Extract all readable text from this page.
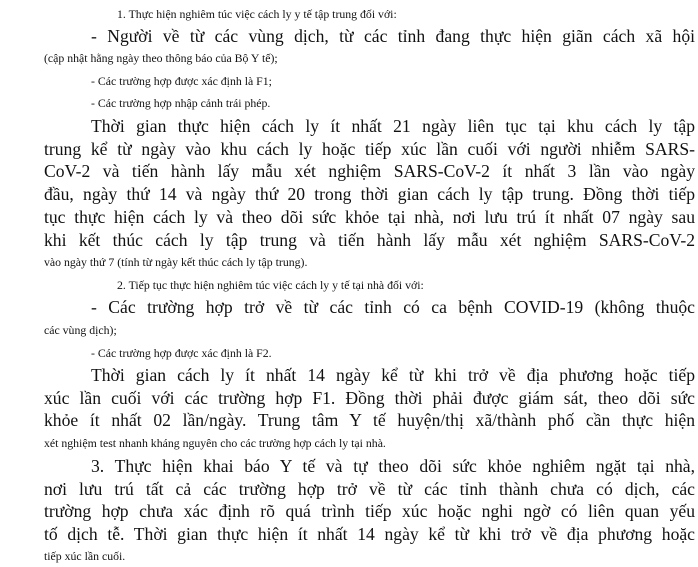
1. Thực hiện nghiêm túc việc cách ly y tế tập trung đối với:
- Người về từ các vùng dịch, từ các tỉnh đang thực hiện giãn cách xã hội
(cập nhật hằng ngày theo thông báo của Bộ Y tế);
- Các trường hợp được xác định là F1;
- Các trường hợp nhập cảnh trái phép.
Thời gian thực hiện cách ly ít nhất 21 ngày liên tục tại khu cách ly tập
trung kể từ ngày vào khu cách ly hoặc tiếp xúc lần cuối với người nhiễm SARS-
CoV-2 và tiến hành lấy mẫu xét nghiệm SARS-CoV-2 ít nhất 3 lần vào ngày
đầu, ngày thứ 14 và ngày thứ 20 trong thời gian cách ly tập trung. Đồng thời tiếp
tục thực hiện cách ly và theo dõi sức khỏe tại nhà, nơi lưu trú ít nhất 07 ngày sau
khi kết thúc cách ly tập trung và tiến hành lấy mẫu xét nghiệm SARS-CoV-2
vào ngày thứ 7 (tính từ ngày kết thúc cách ly tập trung).
2. Tiếp tục thực hiện nghiêm túc việc cách ly y tế tại nhà đối với:
- Các trường hợp trở về từ các tỉnh có ca bệnh COVID-19 (không thuộc
các vùng dịch);
- Các trường hợp được xác định là F2.
Thời gian cách ly ít nhất 14 ngày kể từ khi trở về địa phương hoặc tiếp
xúc lần cuối với các trường hợp F1. Đồng thời phải được giám sát, theo dõi sức
khỏe ít nhất 02 lần/ngày. Trung tâm Y tế huyện/thị xã/thành phố cần thực hiện
xét nghiệm test nhanh kháng nguyên cho các trường hợp cách ly tại nhà.
3. Thực hiện khai báo Y tế và tự theo dõi sức khỏe nghiêm ngặt tại nhà,
nơi lưu trú tất cả các trường hợp trở về từ các tỉnh thành chưa có dịch, các
trường hợp chưa xác định rõ quá trình tiếp xúc hoặc nghi ngờ có liên quan yếu
tố dịch tễ. Thời gian thực hiện ít nhất 14 ngày kể từ khi trở về địa phương hoặc
tiếp xúc lần cuối.
